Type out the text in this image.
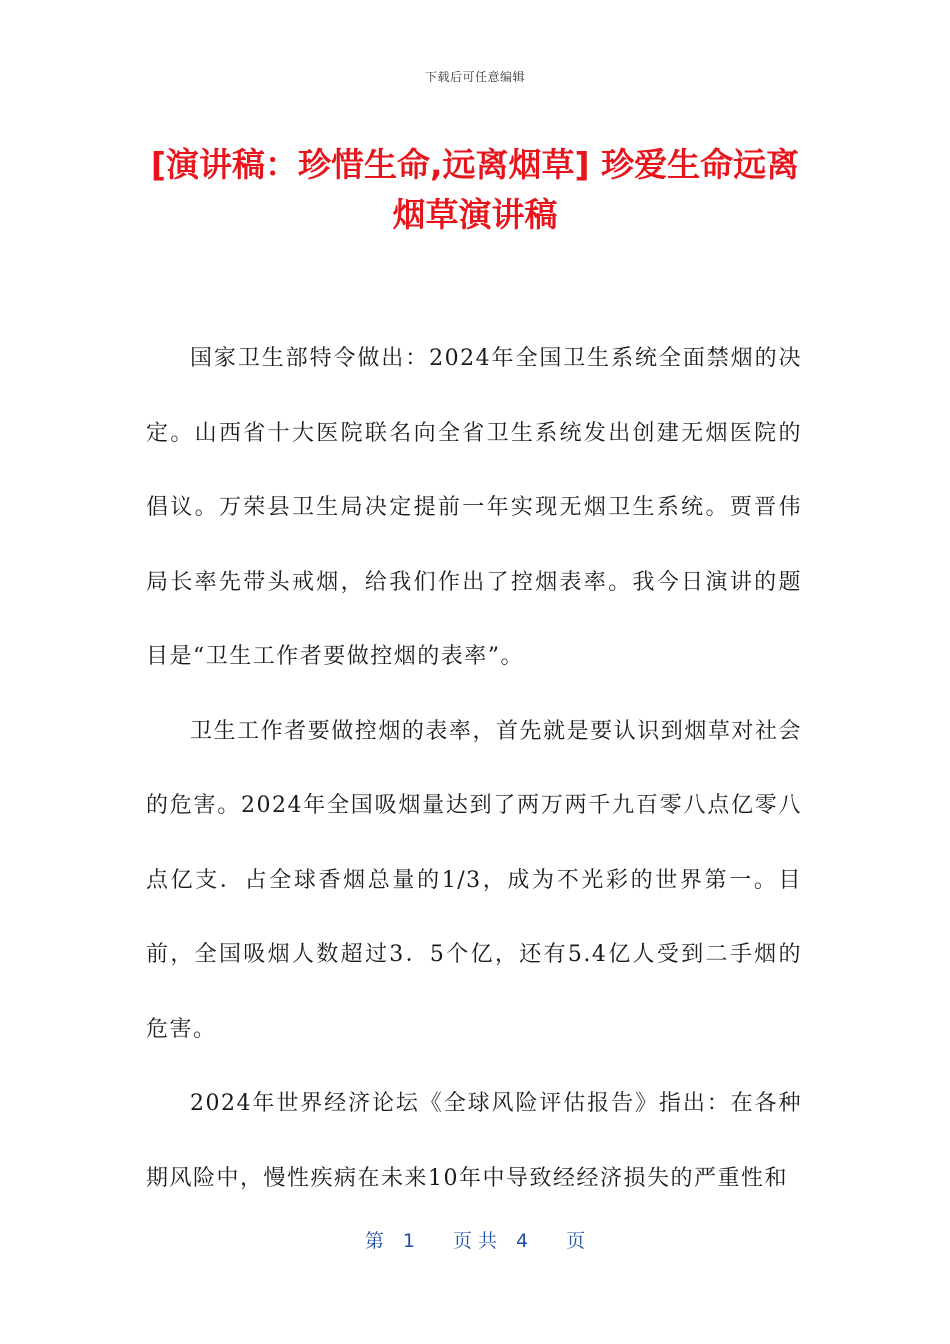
下载后可任意编辑
[演讲稿：珍惜生命,远离烟草] 珍爱生命远离烟草演讲稿

国家卫生部特令做出：2024年全国卫生系统全面禁烟的决定。山西省十大医院联名向全省卫生系统发出创建无烟医院的倡议。万荣县卫生局决定提前一年实现无烟卫生系统。贾晋伟局长率先带头戒烟，给我们作出了控烟表率。我今日演讲的题目是“卫生工作者要做控烟的表率”。

卫生工作者要做控烟的表率，首先就是要认识到烟草对社会的危害。2024年全国吸烟量达到了两万两千九百零八点亿零八点亿支．占全球香烟总量的1/3，成为不光彩的世界第一。目前，全国吸烟人数超过3．5个亿，还有5.4亿人受到二手烟的危害。

2024年世界经济论坛《全球风险评估报告》指出：在各种期风险中，慢性疾病在未来10年中导致经经济损失的严重性和

第　1　　页 共　4　　页
